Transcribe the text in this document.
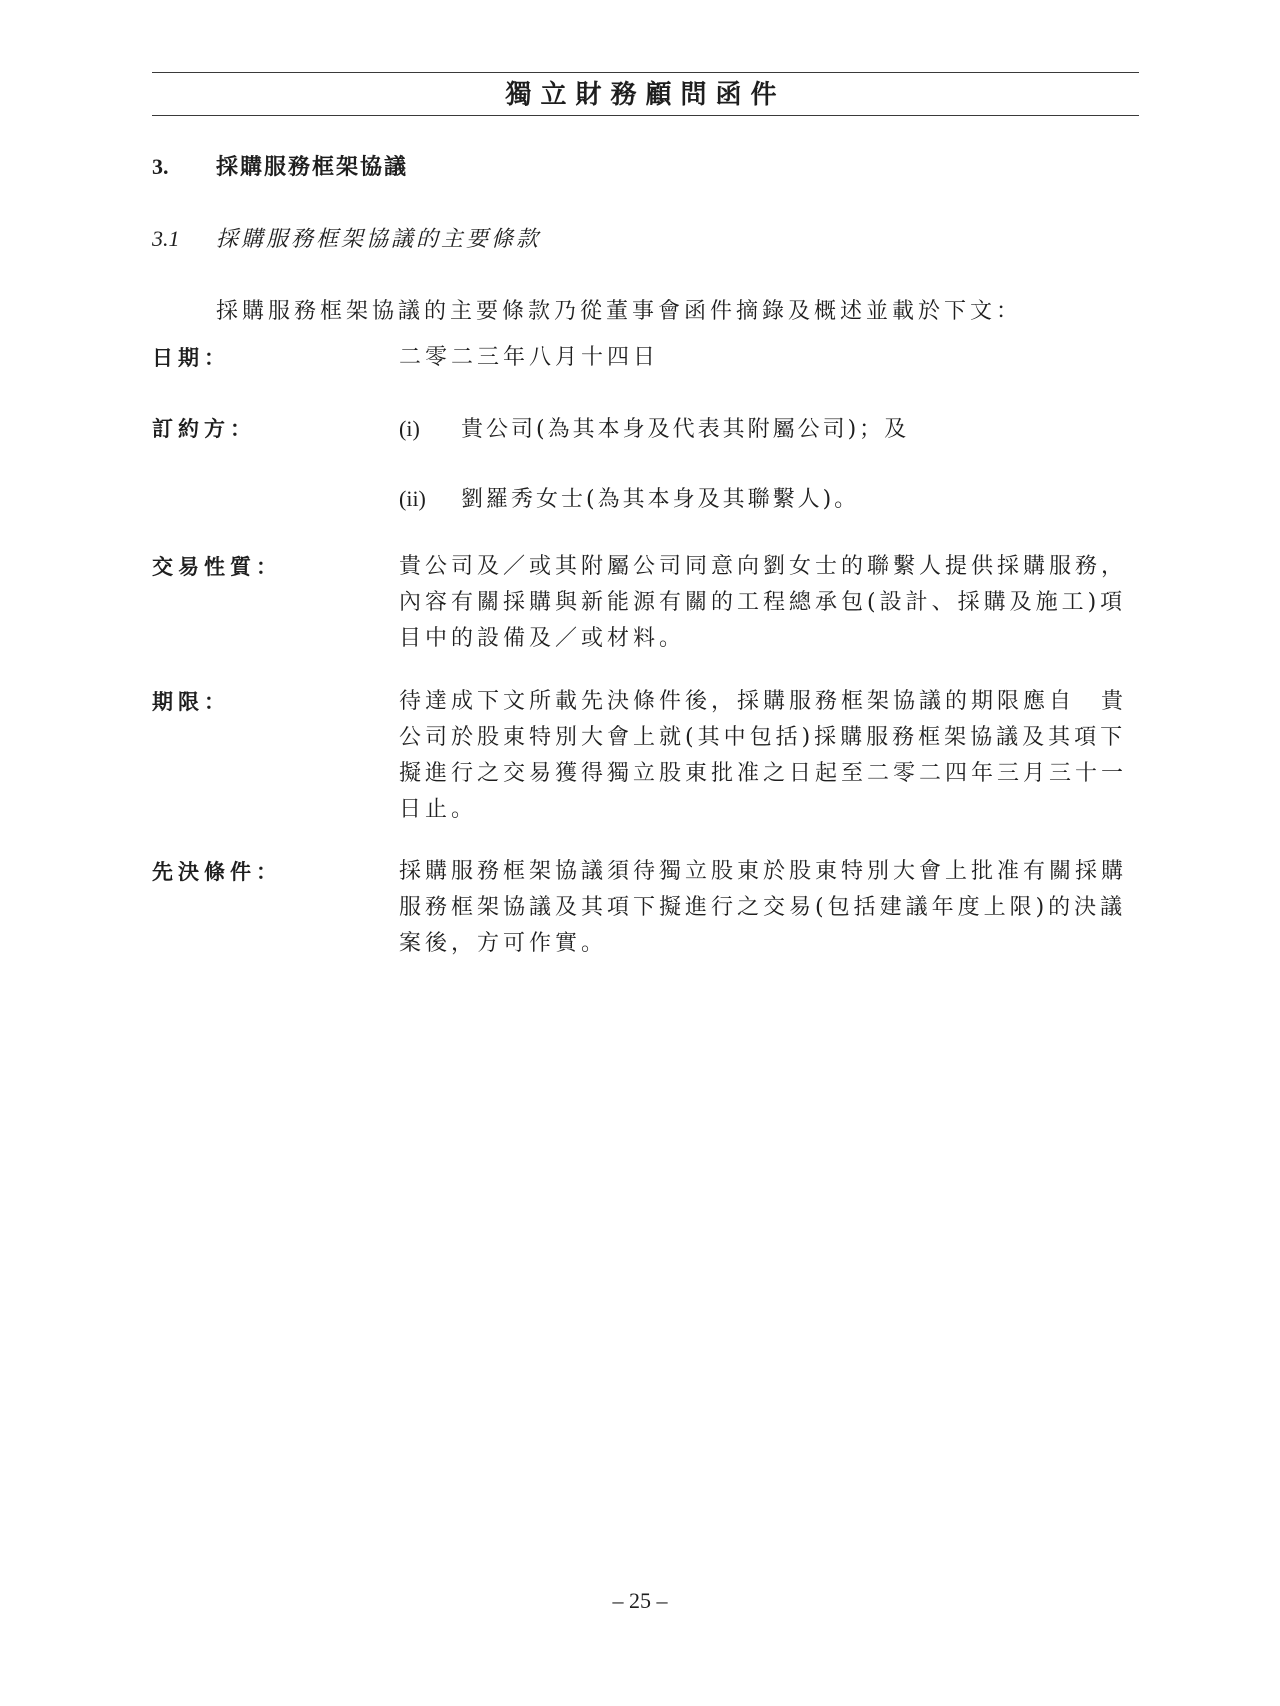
獨立財務顧問函件
3. 採購服務框架協議
3.1 採購服務框架協議的主要條款
採購服務框架協議的主要條款乃從董事會函件摘錄及概述並載於下文：
日期：	二零二三年八月十四日
訂約方：	(i) 貴公司(為其本身及代表其附屬公司)；及
(ii) 劉羅秀女士(為其本身及其聯繫人)。
交易性質：	貴公司及／或其附屬公司同意向劉女士的聯繫人提供採購服務，
內容有關採購與新能源有關的工程總承包(設計、採購及施工)項
目中的設備及／或材料。
期限：	待達成下文所載先決條件後，採購服務框架協議的期限應自　貴
公司於股東特別大會上就(其中包括)採購服務框架協議及其項下
擬進行之交易獲得獨立股東批准之日起至二零二四年三月三十一
日止。
先決條件：	採購服務框架協議須待獨立股東於股東特別大會上批准有關採購
服務框架協議及其項下擬進行之交易(包括建議年度上限)的決議
案後，方可作實。
– 25 –
